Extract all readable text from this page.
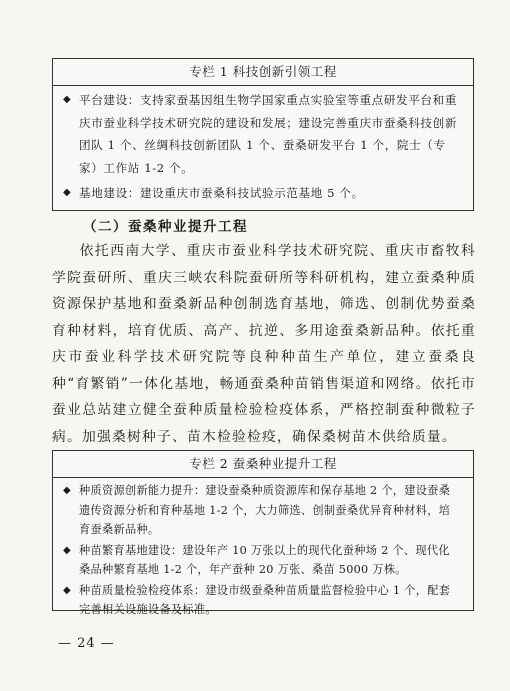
专栏 1 科技创新引领工程
◆ 平台建设：支持家蚕基因组生物学国家重点实验室等重点研发平台和重庆市蚕业科学技术研究院的建设和发展；建设完善重庆市蚕桑科技创新团队 1 个、丝绸科技创新团队 1 个、蚕桑研发平台 1 个，院士（专家）工作站 1-2 个。
◆ 基地建设：建设重庆市蚕桑科技试验示范基地 5 个。
（二）蚕桑种业提升工程

依托西南大学、重庆市蚕业科学技术研究院、重庆市畜牧科学院蚕研所、重庆三峡农科院蚕研所等科研机构，建立蚕桑种质资源保护基地和蚕桑新品种创制选育基地，筛选、创制优势蚕桑育种材料，培育优质、高产、抗逆、多用途蚕桑新品种。依托重庆市蚕业科学技术研究院等良种种苗生产单位，建立蚕桑良种“育繁销”一体化基地，畅通蚕桑种苗销售渠道和网络。依托市蚕业总站建立健全蚕种质量检验检疫体系，严格控制蚕种微粒子病。加强桑树种子、苗木检验检疫，确保桑树苗木供给质量。

专栏 2 蚕桑种业提升工程
◆ 种质资源创新能力提升：建设蚕桑种质资源库和保存基地 2 个，建设蚕桑遗传资源分析和育种基地 1-2 个，大力筛选、创制蚕桑优异育种材料，培育蚕桑新品种。
◆ 种苗繁育基地建设：建设年产 10 万张以上的现代化蚕种场 2 个、现代化桑品种繁育基地 1-2 个，年产蚕种 20 万张、桑苗 5000 万株。
◆ 种苗质量检验检疫体系：建设市级蚕桑种苗质量监督检验中心 1 个，配套完善相关设施设备及标准。
— 24 —
